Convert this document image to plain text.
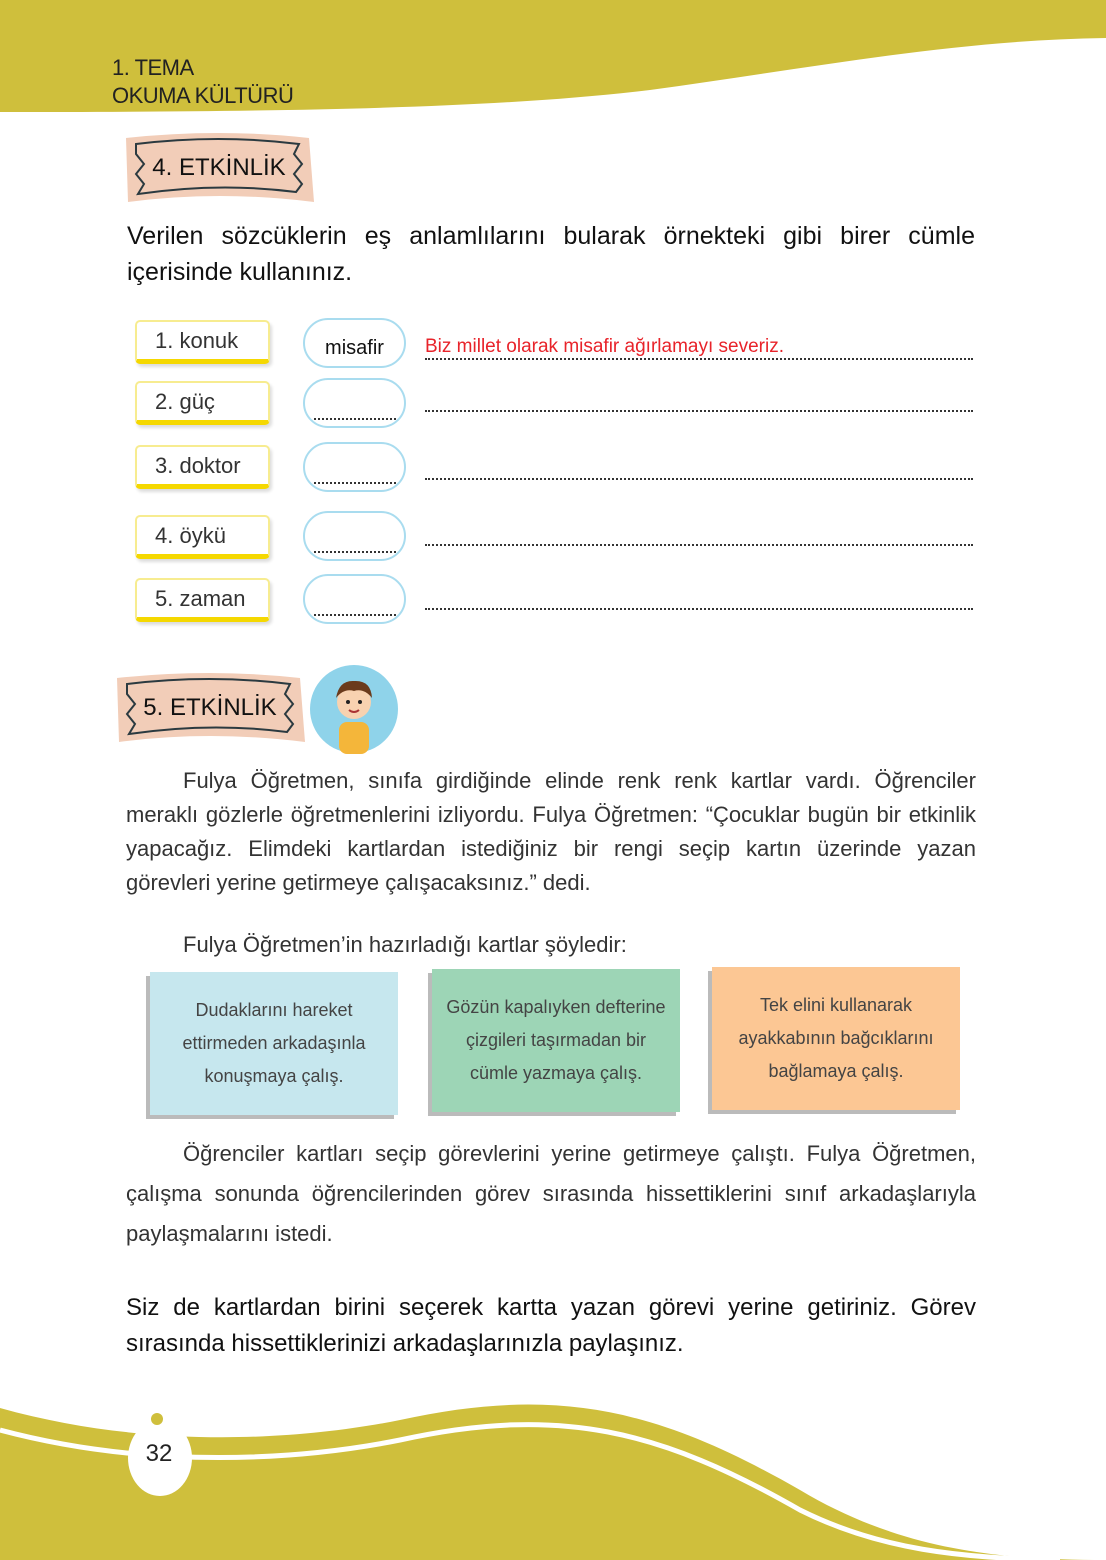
1. TEMA
OKUMA KÜLTÜRÜ
4. ETKİNLİK
Verilen sözcüklerin eş anlamlılarını bularak örnekteki gibi birer cümle içerisinde kullanınız.
1. konuk	misafir Biz millet olarak misafir ağırlamayı severiz.
2. güç
3. doktor
4. öykü
5. zaman
5. ETKİNLİK
Fulya Öğretmen, sınıfa girdiğinde elinde renk renk kartlar vardı. Öğrenciler meraklı gözlerle öğretmenlerini izliyordu. Fulya Öğretmen: “Çocuklar bugün bir etkinlik yapacağız. Elimdeki kartlardan istediğiniz bir rengi seçip kartın üzerinde yazan görevleri yerine getirmeye çalışacaksınız.” dedi.
Fulya Öğretmen’in hazırladığı kartlar şöyledir:
Dudaklarını hareket ettirmeden arkadaşınla konuşmaya çalış.
Gözün kapalıyken defterine çizgileri taşırmadan bir cümle yazmaya çalış.
Tek elini kullanarak ayakkabının bağcıklarını bağlamaya çalış.
Öğrenciler kartları seçip görevlerini yerine getirmeye çalıştı. Fulya Öğretmen, çalışma sonunda öğrencilerinden görev sırasında hissettiklerini sınıf arkadaşlarıyla paylaşmalarını istedi.
Siz de kartlardan birini seçerek kartta yazan görevi yerine getiriniz. Görev sırasında hissettiklerinizi arkadaşlarınızla paylaşınız.
32
